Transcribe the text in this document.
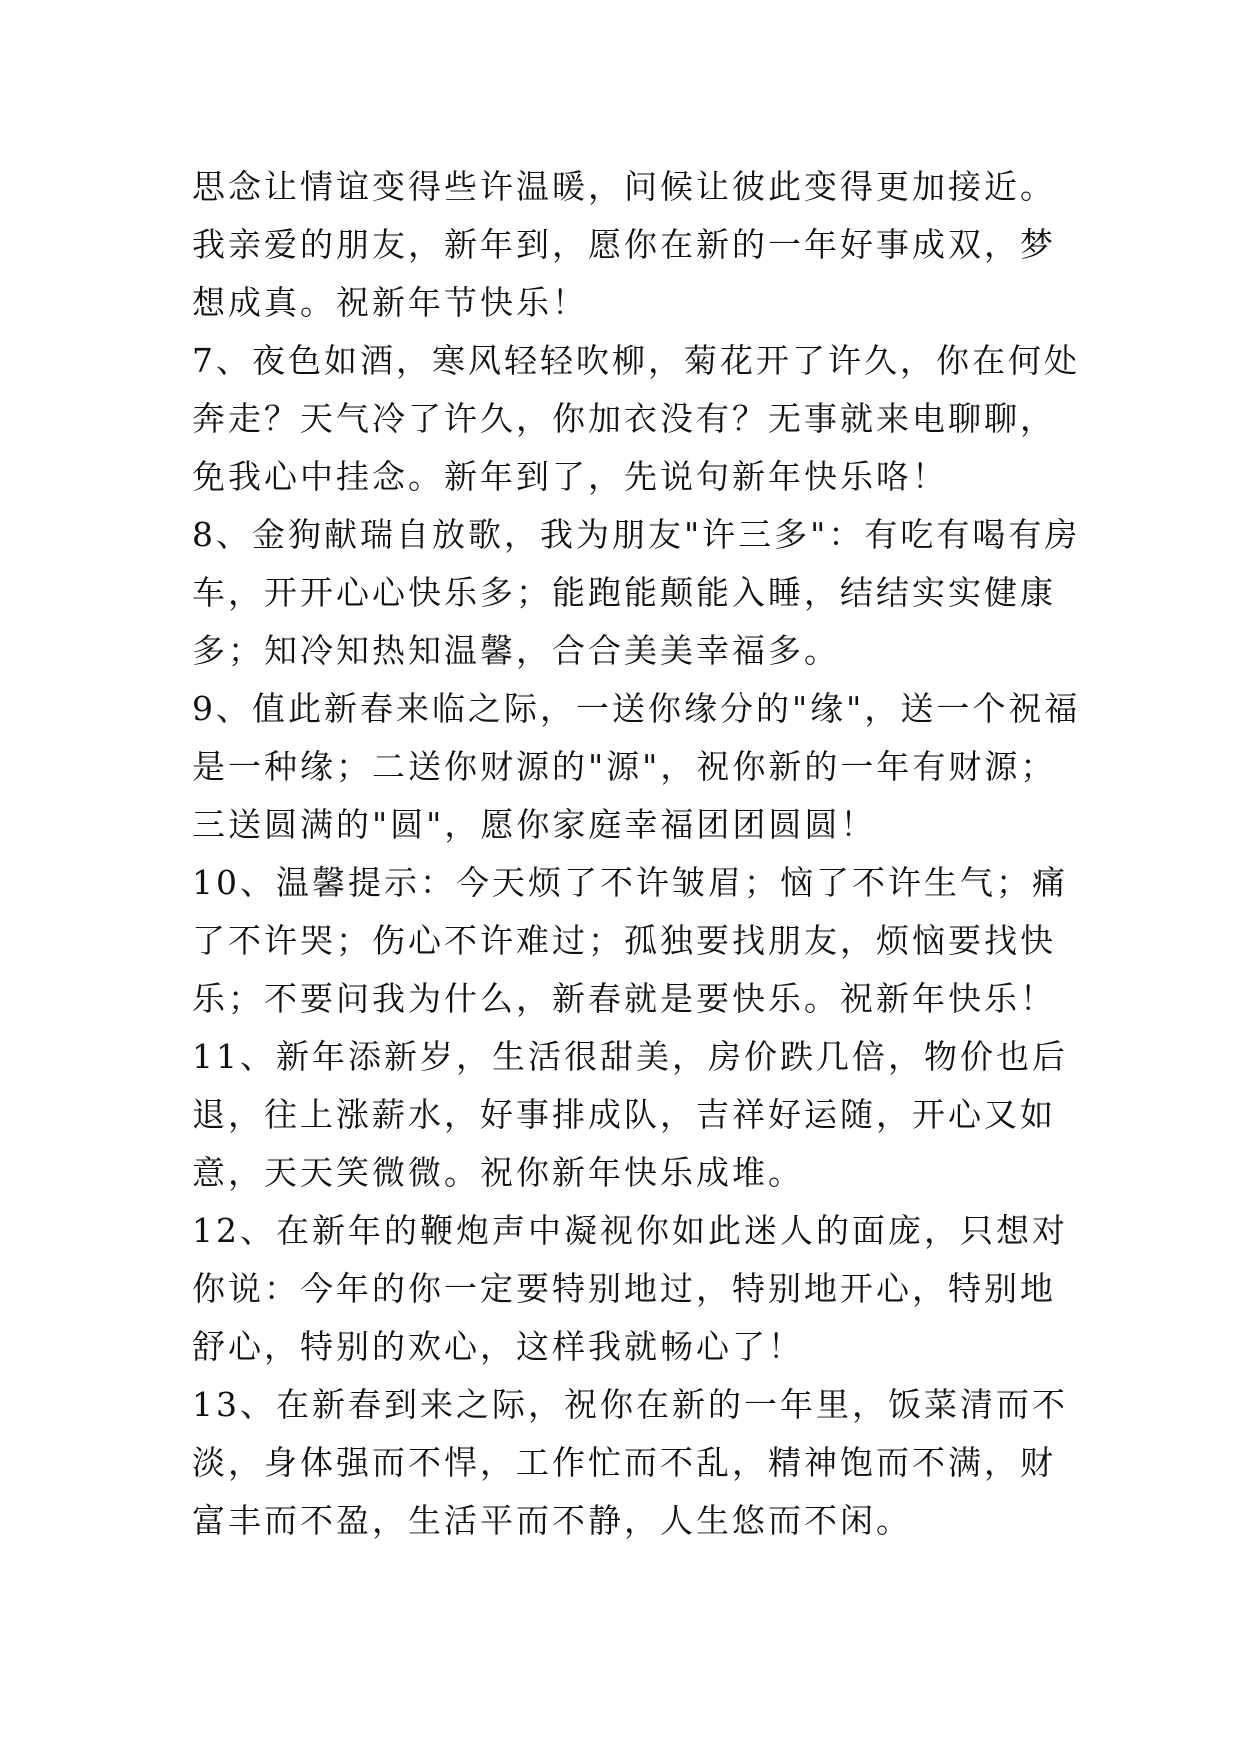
思念让情谊变得些许温暖，问候让彼此变得更加接近。我亲爱的朋友，新年到，愿你在新的一年好事成双，梦想成真。祝新年节快乐！

7、夜色如酒，寒风轻轻吹柳，菊花开了许久，你在何处奔走？天气冷了许久，你加衣没有？无事就来电聊聊，免我心中挂念。新年到了，先说句新年快乐咯！

8、金狗献瑞自放歌，我为朋友"许三多"：有吃有喝有房车，开开心心快乐多；能跑能颠能入睡，结结实实健康多；知冷知热知温馨，合合美美幸福多。

9、值此新春来临之际，一送你缘分的"缘"，送一个祝福是一种缘；二送你财源的"源"，祝你新的一年有财源；三送圆满的"圆"，愿你家庭幸福团团圆圆！

10、温馨提示：今天烦了不许皱眉；恼了不许生气；痛了不许哭；伤心不许难过；孤独要找朋友，烦恼要找快乐；不要问我为什么，新春就是要快乐。祝新年快乐！

11、新年添新岁，生活很甜美，房价跌几倍，物价也后退，往上涨薪水，好事排成队，吉祥好运随，开心又如意，天天笑微微。祝你新年快乐成堆。

12、在新年的鞭炮声中凝视你如此迷人的面庞，只想对你说：今年的你一定要特别地过，特别地开心，特别地舒心，特别的欢心，这样我就畅心了！

13、在新春到来之际，祝你在新的一年里，饭菜清而不淡，身体强而不悍，工作忙而不乱，精神饱而不满，财富丰而不盈，生活平而不静，人生悠而不闲。
